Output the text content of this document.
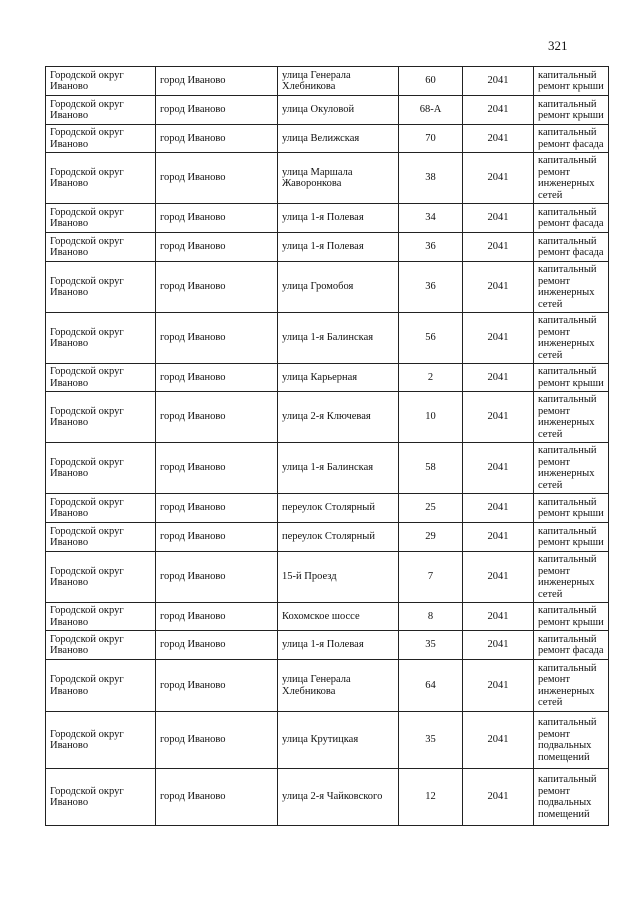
321
Городской округ Иваново	город Иваново	улица Генерала Хлебникова	60	2041	капитальный ремонт крыши
Городской округ Иваново	город Иваново	улица Окуловой	68-А	2041	капитальный ремонт крыши
Городской округ Иваново	город Иваново	улица Велижская	70	2041	капитальный ремонт фасада
Городской округ Иваново	город Иваново	улица Маршала Жаворонкова	38	2041	капитальный ремонт инженерных сетей
Городской округ Иваново	город Иваново	улица 1-я Полевая	34	2041	капитальный ремонт фасада
Городской округ Иваново	город Иваново	улица 1-я Полевая	36	2041	капитальный ремонт фасада
Городской округ Иваново	город Иваново	улица Громобоя	36	2041	капитальный ремонт инженерных сетей
Городской округ Иваново	город Иваново	улица 1-я Балинская	56	2041	капитальный ремонт инженерных сетей
Городской округ Иваново	город Иваново	улица Карьерная	2	2041	капитальный ремонт крыши
Городской округ Иваново	город Иваново	улица 2-я Ключевая	10	2041	капитальный ремонт инженерных сетей
Городской округ Иваново	город Иваново	улица 1-я Балинская	58	2041	капитальный ремонт инженерных сетей
Городской округ Иваново	город Иваново	переулок Столярный	25	2041	капитальный ремонт крыши
Городской округ Иваново	город Иваново	переулок Столярный	29	2041	капитальный ремонт крыши
Городской округ Иваново	город Иваново	15-й Проезд	7	2041	капитальный ремонт инженерных сетей
Городской округ Иваново	город Иваново	Кохомское шоссе	8	2041	капитальный ремонт крыши
Городской округ Иваново	город Иваново	улица 1-я Полевая	35	2041	капитальный ремонт фасада
Городской округ Иваново	город Иваново	улица Генерала Хлебникова	64	2041	капитальный ремонт инженерных сетей
Городской округ Иваново	город Иваново	улица Крутицкая	35	2041	капитальный ремонт подвальных помещений
Городской округ Иваново	город Иваново	улица 2-я Чайковского	12	2041	капитальный ремонт подвальных помещений
